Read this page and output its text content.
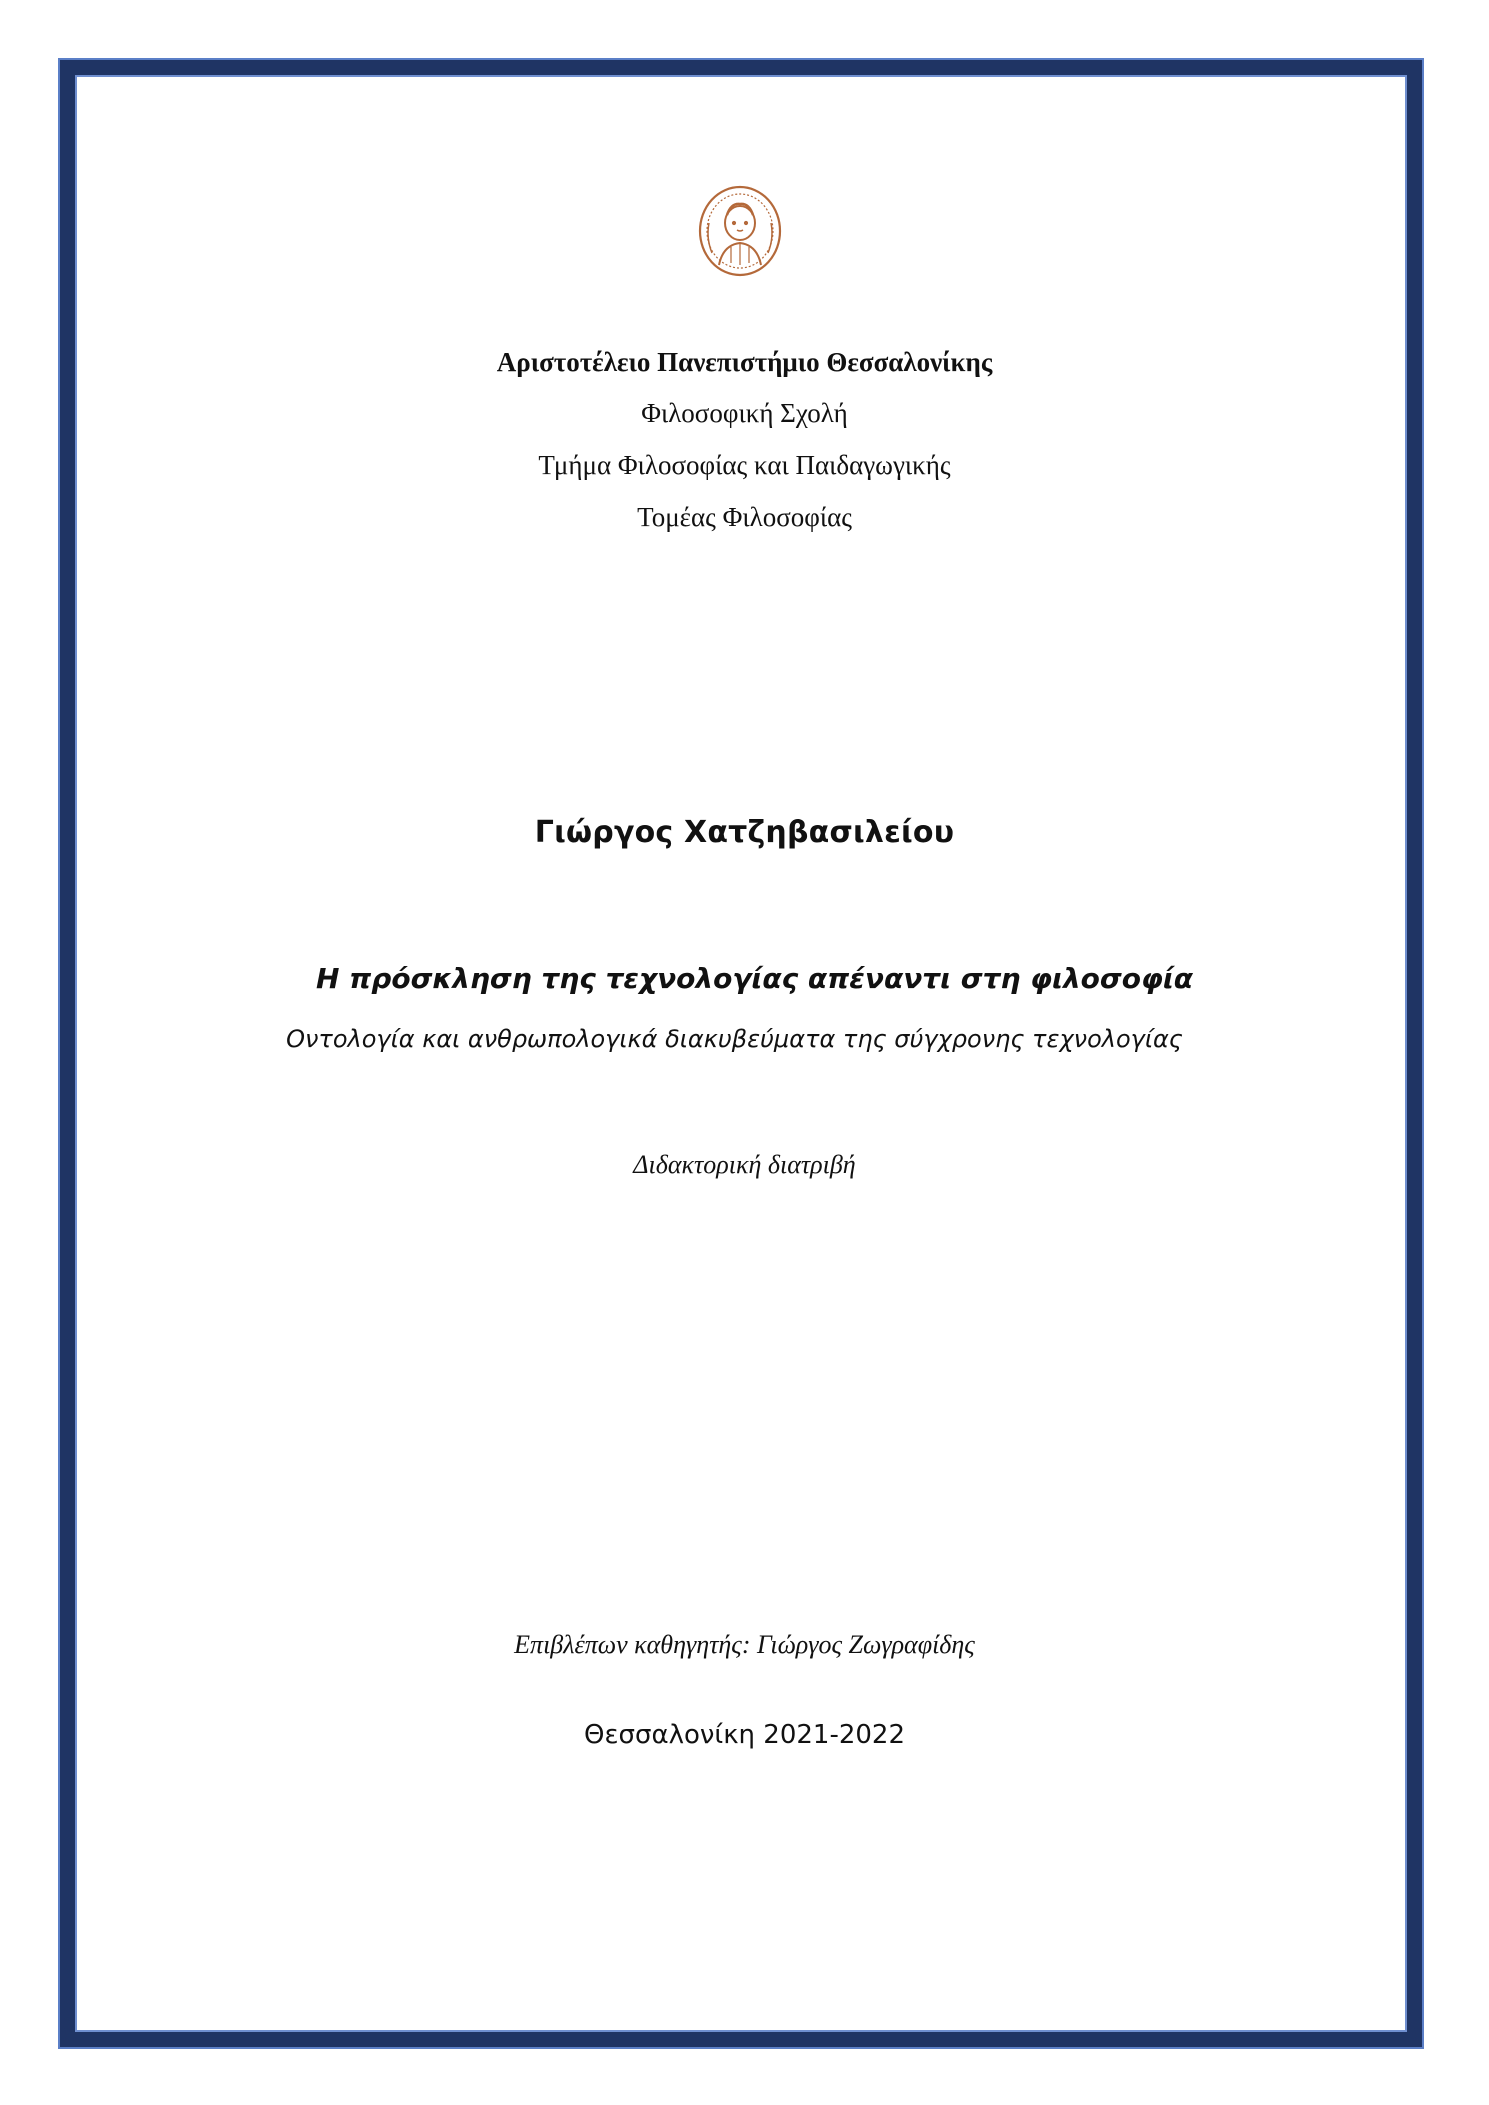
Αριστοτέλειο Πανεπιστήμιο Θεσσαλονίκης
Φιλοσοφική Σχολή
Τμήμα Φιλοσοφίας και Παιδαγωγικής
Τομέας Φιλοσοφίας
Γιώργος Χατζηβασιλείου
Η πρόσκληση της τεχνολογίας απέναντι στη φιλοσοφία
Οντολογία και ανθρωπολογικά διακυβεύματα της σύγχρονης τεχνολογίας
Διδακτορική διατριβή
Επιβλέπων καθηγητής: Γιώργος Ζωγραφίδης
Θεσσαλονίκη 2021-2022
